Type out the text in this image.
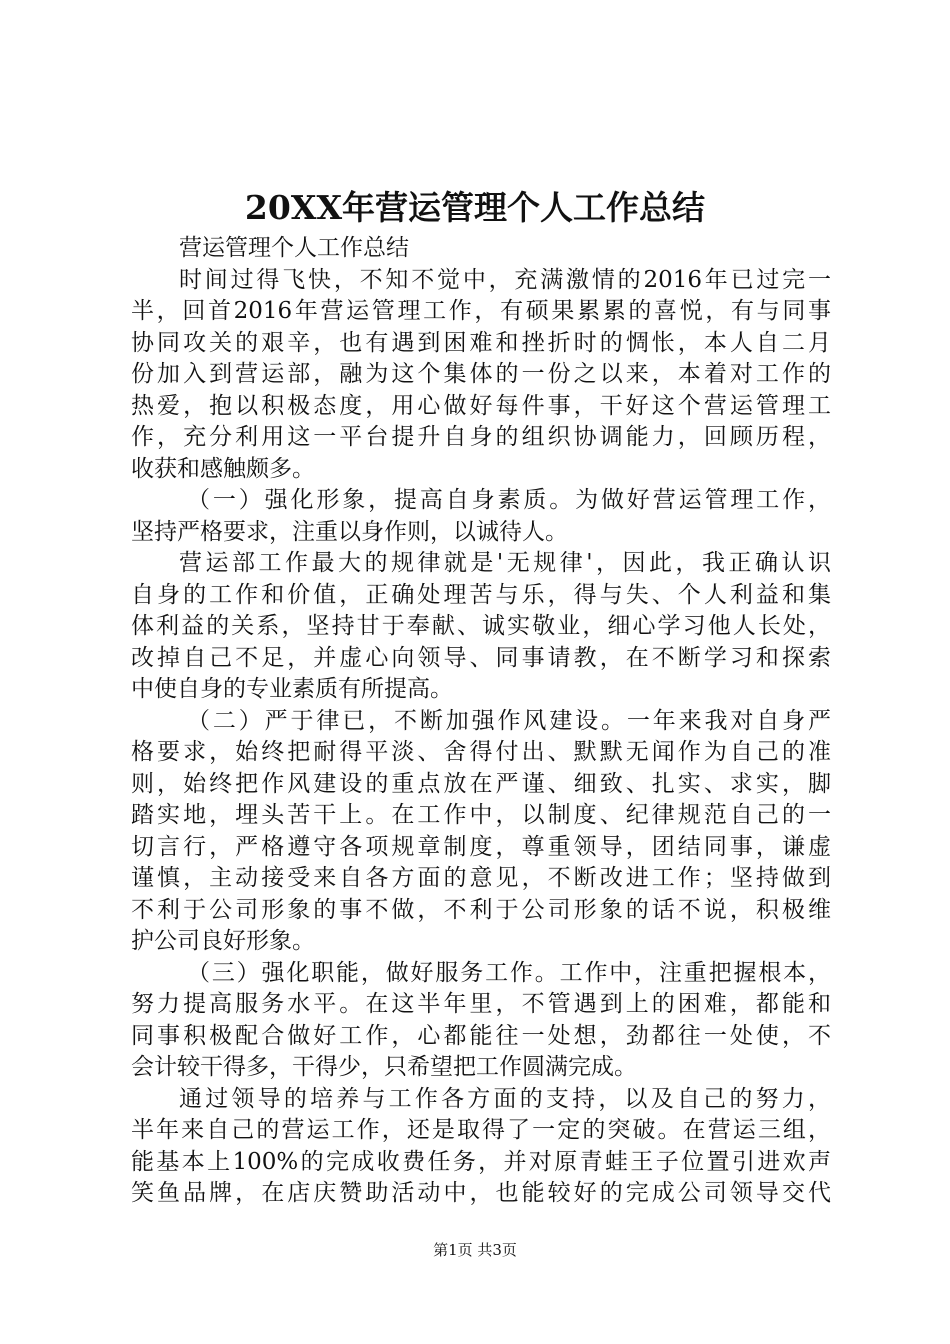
20XX年营运管理个人工作总结
营运管理个人工作总结
时间过得飞快，不知不觉中，充满激情的2016年已过完一
半，回首2016年营运管理工作，有硕果累累的喜悦，有与同事
协同攻关的艰辛，也有遇到困难和挫折时的惆怅，本人自二月
份加入到营运部，融为这个集体的一份之以来，本着对工作的
热爱，抱以积极态度，用心做好每件事，干好这个营运管理工
作，充分利用这一平台提升自身的组织协调能力，回顾历程，
收获和感触颇多。
（一）强化形象，提高自身素质。为做好营运管理工作，
坚持严格要求，注重以身作则，以诚待人。
营运部工作最大的规律就是'无规律'，因此，我正确认识
自身的工作和价值，正确处理苦与乐，得与失、个人利益和集
体利益的关系，坚持甘于奉献、诚实敬业，细心学习他人长处，
改掉自己不足，并虚心向领导、同事请教，在不断学习和探索
中使自身的专业素质有所提高。
（二）严于律已，不断加强作风建设。一年来我对自身严
格要求，始终把耐得平淡、舍得付出、默默无闻作为自己的准
则，始终把作风建设的重点放在严谨、细致、扎实、求实，脚
踏实地，埋头苦干上。在工作中，以制度、纪律规范自己的一
切言行，严格遵守各项规章制度，尊重领导，团结同事，谦虚
谨慎，主动接受来自各方面的意见，不断改进工作；坚持做到
不利于公司形象的事不做，不利于公司形象的话不说，积极维
护公司良好形象。
（三）强化职能，做好服务工作。工作中，注重把握根本，
努力提高服务水平。在这半年里，不管遇到上的困难，都能和
同事积极配合做好工作，心都能往一处想，劲都往一处使，不
会计较干得多，干得少，只希望把工作圆满完成。
通过领导的培养与工作各方面的支持，以及自己的努力，
半年来自己的营运工作，还是取得了一定的突破。在营运三组，
能基本上100%的完成收费任务，并对原青蛙王子位置引进欢声
笑鱼品牌，在店庆赞助活动中，也能较好的完成公司领导交代
第1页 共3页
